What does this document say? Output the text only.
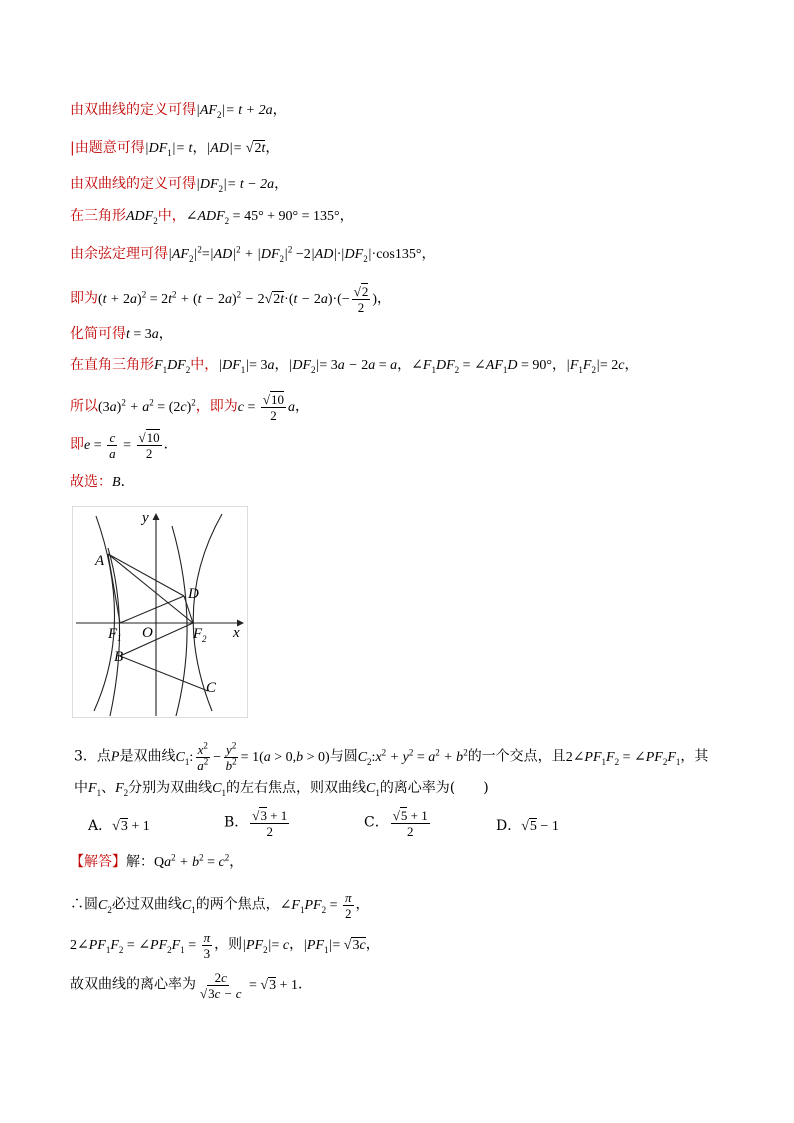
由双曲线的定义可得$|AF_2|= t + 2a$，
|由题意可得$|DF_1|= t$，|AD|= √2t，
由双曲线的定义可得$|DF_2|= t - 2a$，
在三角形$ADF_2$中，$\angle ADF_2 = 45^\circ + 90^\circ = 135^\circ$，
由余弦定理可得$|AF_2|^2=|AD|^2 + |DF_2|^2 -2|AD|\cdot|DF_2|\cdot\cos 135^\circ$，
即为$(t + 2a)^2 = 2t^2 + (t - 2a)^2 - 2√2t\cdot(t - 2a)\cdot(- \frac{√2}{2}$ )，
化简可得t = 3a，
在直角三角形$F_1DF_2$中，$|DF_1|= 3a$，$|DF_2|= 3a - 2a = a$，$\angle F_1DF_2$ = $\angle AF_1D = 90^\circ$，$|F_1F_2|= 2c$，
所以$(3a)^2 + a^2 = (2c)^2$，即为$c = \frac{√10}{2}$ a，
即$e = \frac{c}{a} = \frac{√10}{2}$ ．
故选：B．
A
D
F 1 O	F 2 x
y
B
C
3．点P是双曲线$C_1$: $\frac{x^2}{a^2} - \frac{y^2}{b^2} = 1(a > 0,b > 0)$与圆$C_2:x^2 + y^2 = a^2 + b^2$的一个交点，且$2\angle PF_1F_2$ = $\angle PF_2F_1$，其
中$F_1$、$F_2$分别为双曲线$C_1$的左右焦点，则双曲线$C_1$的离心率为(　　)
A．√3 + 1	B． $\frac{√3 + 1}{2}$	C． $\frac{√5 + 1}{2}$	D．√5 − 1
【解答】解：$Qa^2 + b^2 = c^2$，
∴圆$C_2$必过双曲线$C_1$的两个焦点，$\angle F_1PF_2 = \frac{\pi}{2}$ ，
$2\angle PF_1F_2$ = $\angle PF_2F_1 = \frac{\pi}{3}$ ，则$|PF_2|= c$，$|PF_1|= √3c$，
故双曲线的离心率为 $\frac{2c}{√3c - c} = √3 + 1$．
